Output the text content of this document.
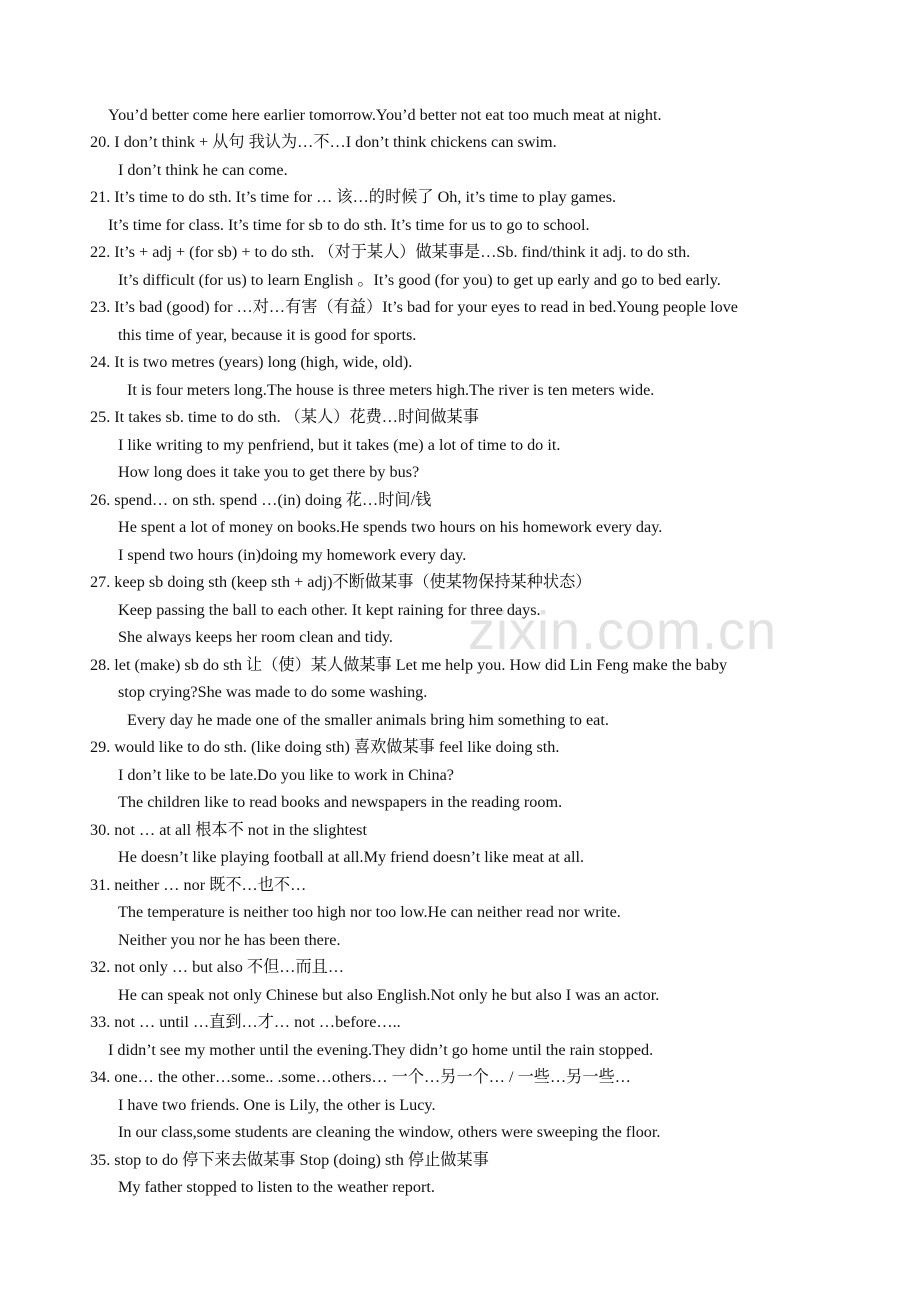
zixin.com.cn
You’d better come here earlier tomorrow.You’d better not eat too much meat at night.
20. I don’t think + 从句 我认为…不…I don’t think chickens can swim.
I don’t think he can come.
21. It’s time to do sth. It’s time for … 该…的时候了 Oh, it’s time to play games.
It’s time for class. It’s time for sb to do sth. It’s time for us to go to school.
22. It’s + adj + (for sb) + to do sth. （对于某人）做某事是…Sb. find/think it adj. to do sth.
It’s difficult (for us) to learn English 。It’s good (for you) to get up early and go to bed early.
23. It’s bad (good) for …对…有害（有益）It’s bad for your eyes to read in bed.Young people love
this time of year, because it is good for sports.
24. It is two metres (years) long (high, wide, old).
It is four meters long.The house is three meters high.The river is ten meters wide.
25. It takes sb. time to do sth. （某人）花费…时间做某事
I like writing to my penfriend, but it takes (me) a lot of time to do it.
How long does it take you to get there by bus?
26. spend… on sth. spend …(in) doing 花…时间/钱
He spent a lot of money on books.He spends two hours on his homework every day.
I spend two hours (in)doing my homework every day.
27. keep sb doing sth (keep sth + adj)不断做某事（使某物保持某种状态）
Keep passing the ball to each other. It kept raining for three days.
She always keeps her room clean and tidy.
28. let (make) sb do sth 让（使）某人做某事 Let me help you. How did Lin Feng make the baby
stop crying?She was made to do some washing.
Every day he made one of the smaller animals bring him something to eat.
29. would like to do sth. (like doing sth) 喜欢做某事 feel like doing sth.
I don’t like to be late.Do you like to work in China?
The children like to read books and newspapers in the reading room.
30. not … at all 根本不 not in the slightest
He doesn’t like playing football at all.My friend doesn’t like meat at all.
31. neither … nor 既不…也不…
The temperature is neither too high nor too low.He can neither read nor write.
Neither you nor he has been there.
32. not only … but also 不但…而且…
He can speak not only Chinese but also English.Not only he but also I was an actor.
33. not … until …直到…才… not …before…..
I didn’t see my mother until the evening.They didn’t go home until the rain stopped.
34. one… the other…some.. .some…others… 一个…另一个… / 一些…另一些…
I have two friends. One is Lily, the other is Lucy.
In our class,some students are cleaning the window, others were sweeping the floor.
35. stop to do 停下来去做某事 Stop (doing) sth 停止做某事
My father stopped to listen to the weather report.
